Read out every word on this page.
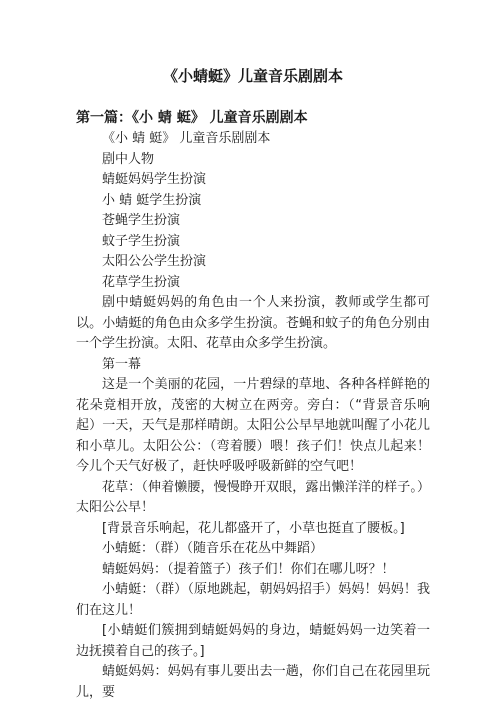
《小蜻蜓》儿童音乐剧剧本
第一篇：《小 蜻 蜓》 儿童音乐剧剧本

《小 蜻 蜓》 儿童音乐剧剧本

剧中人物

蜻蜓妈妈学生扮演

小 蜻 蜓学生扮演

苍蝇学生扮演

蚊子学生扮演

太阳公公学生扮演

花草学生扮演

剧中蜻蜓妈妈的角色由一个人来扮演，教师或学生都可以。小蜻蜓的角色由众多学生扮演。苍蝇和蚊子的角色分别由一个学生扮演。太阳、花草由众多学生扮演。

第一幕

这是一个美丽的花园，一片碧绿的草地、各种各样鲜艳的花朵竟相开放，茂密的大树立在两旁。旁白：（“背景音乐响起）一天，天气是那样晴朗。太阳公公早早地就叫醒了小花儿和小草儿。太阳公公：（弯着腰）喂！孩子们！快点儿起来！今儿个天气好极了，赶快呼吸呼吸新鲜的空气吧！

花草：（伸着懒腰，慢慢睁开双眼，露出懒洋洋的样子。）太阳公公早！

[背景音乐响起，花儿都盛开了，小草也挺直了腰板。]

小蜻蜓：（群）（随音乐在花丛中舞蹈）

蜻蜓妈妈：（提着篮子）孩子们！你们在哪儿呀？！

小蜻蜓：（群）（原地跳起，朝妈妈招手）妈妈！妈妈！我们在这儿！

[小蜻蜓们簇拥到蜻蜓妈妈的身边，蜻蜓妈妈一边笑着一边抚摸着自己的孩子。]

蜻蜓妈妈：妈妈有事儿要出去一趟，你们自己在花园里玩儿，要
